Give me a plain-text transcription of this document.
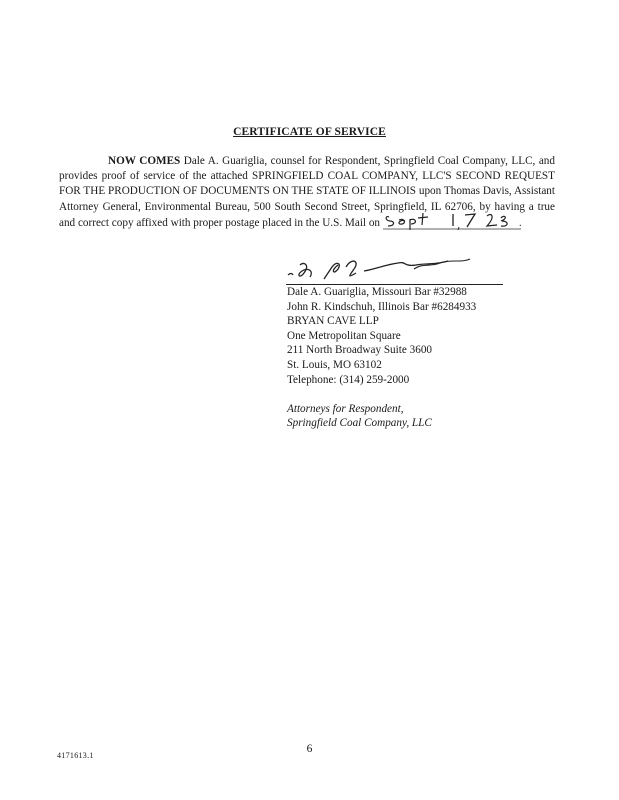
CERTIFICATE OF SERVICE
NOW COMES Dale A. Guariglia, counsel for Respondent, Springfield Coal Company, LLC, and provides proof of service of the attached SPRINGFIELD COAL COMPANY, LLC'S SECOND REQUEST FOR THE PRODUCTION OF DOCUMENTS ON THE STATE OF ILLINOIS upon Thomas Davis, Assistant Attorney General, Environmental Bureau, 500 South Second Street, Springfield, IL 62706, by having a true and correct copy affixed with proper postage placed in the U.S. Mail on	.
Dale A. Guariglia, Missouri Bar #32988
John R. Kindschuh, Illinois Bar #6284933
BRYAN CAVE LLP
One Metropolitan Square
211 North Broadway Suite 3600
St. Louis, MO 63102
Telephone: (314) 259-2000
Attorneys for Respondent,
Springfield Coal Company, LLC
6
4171613.1
